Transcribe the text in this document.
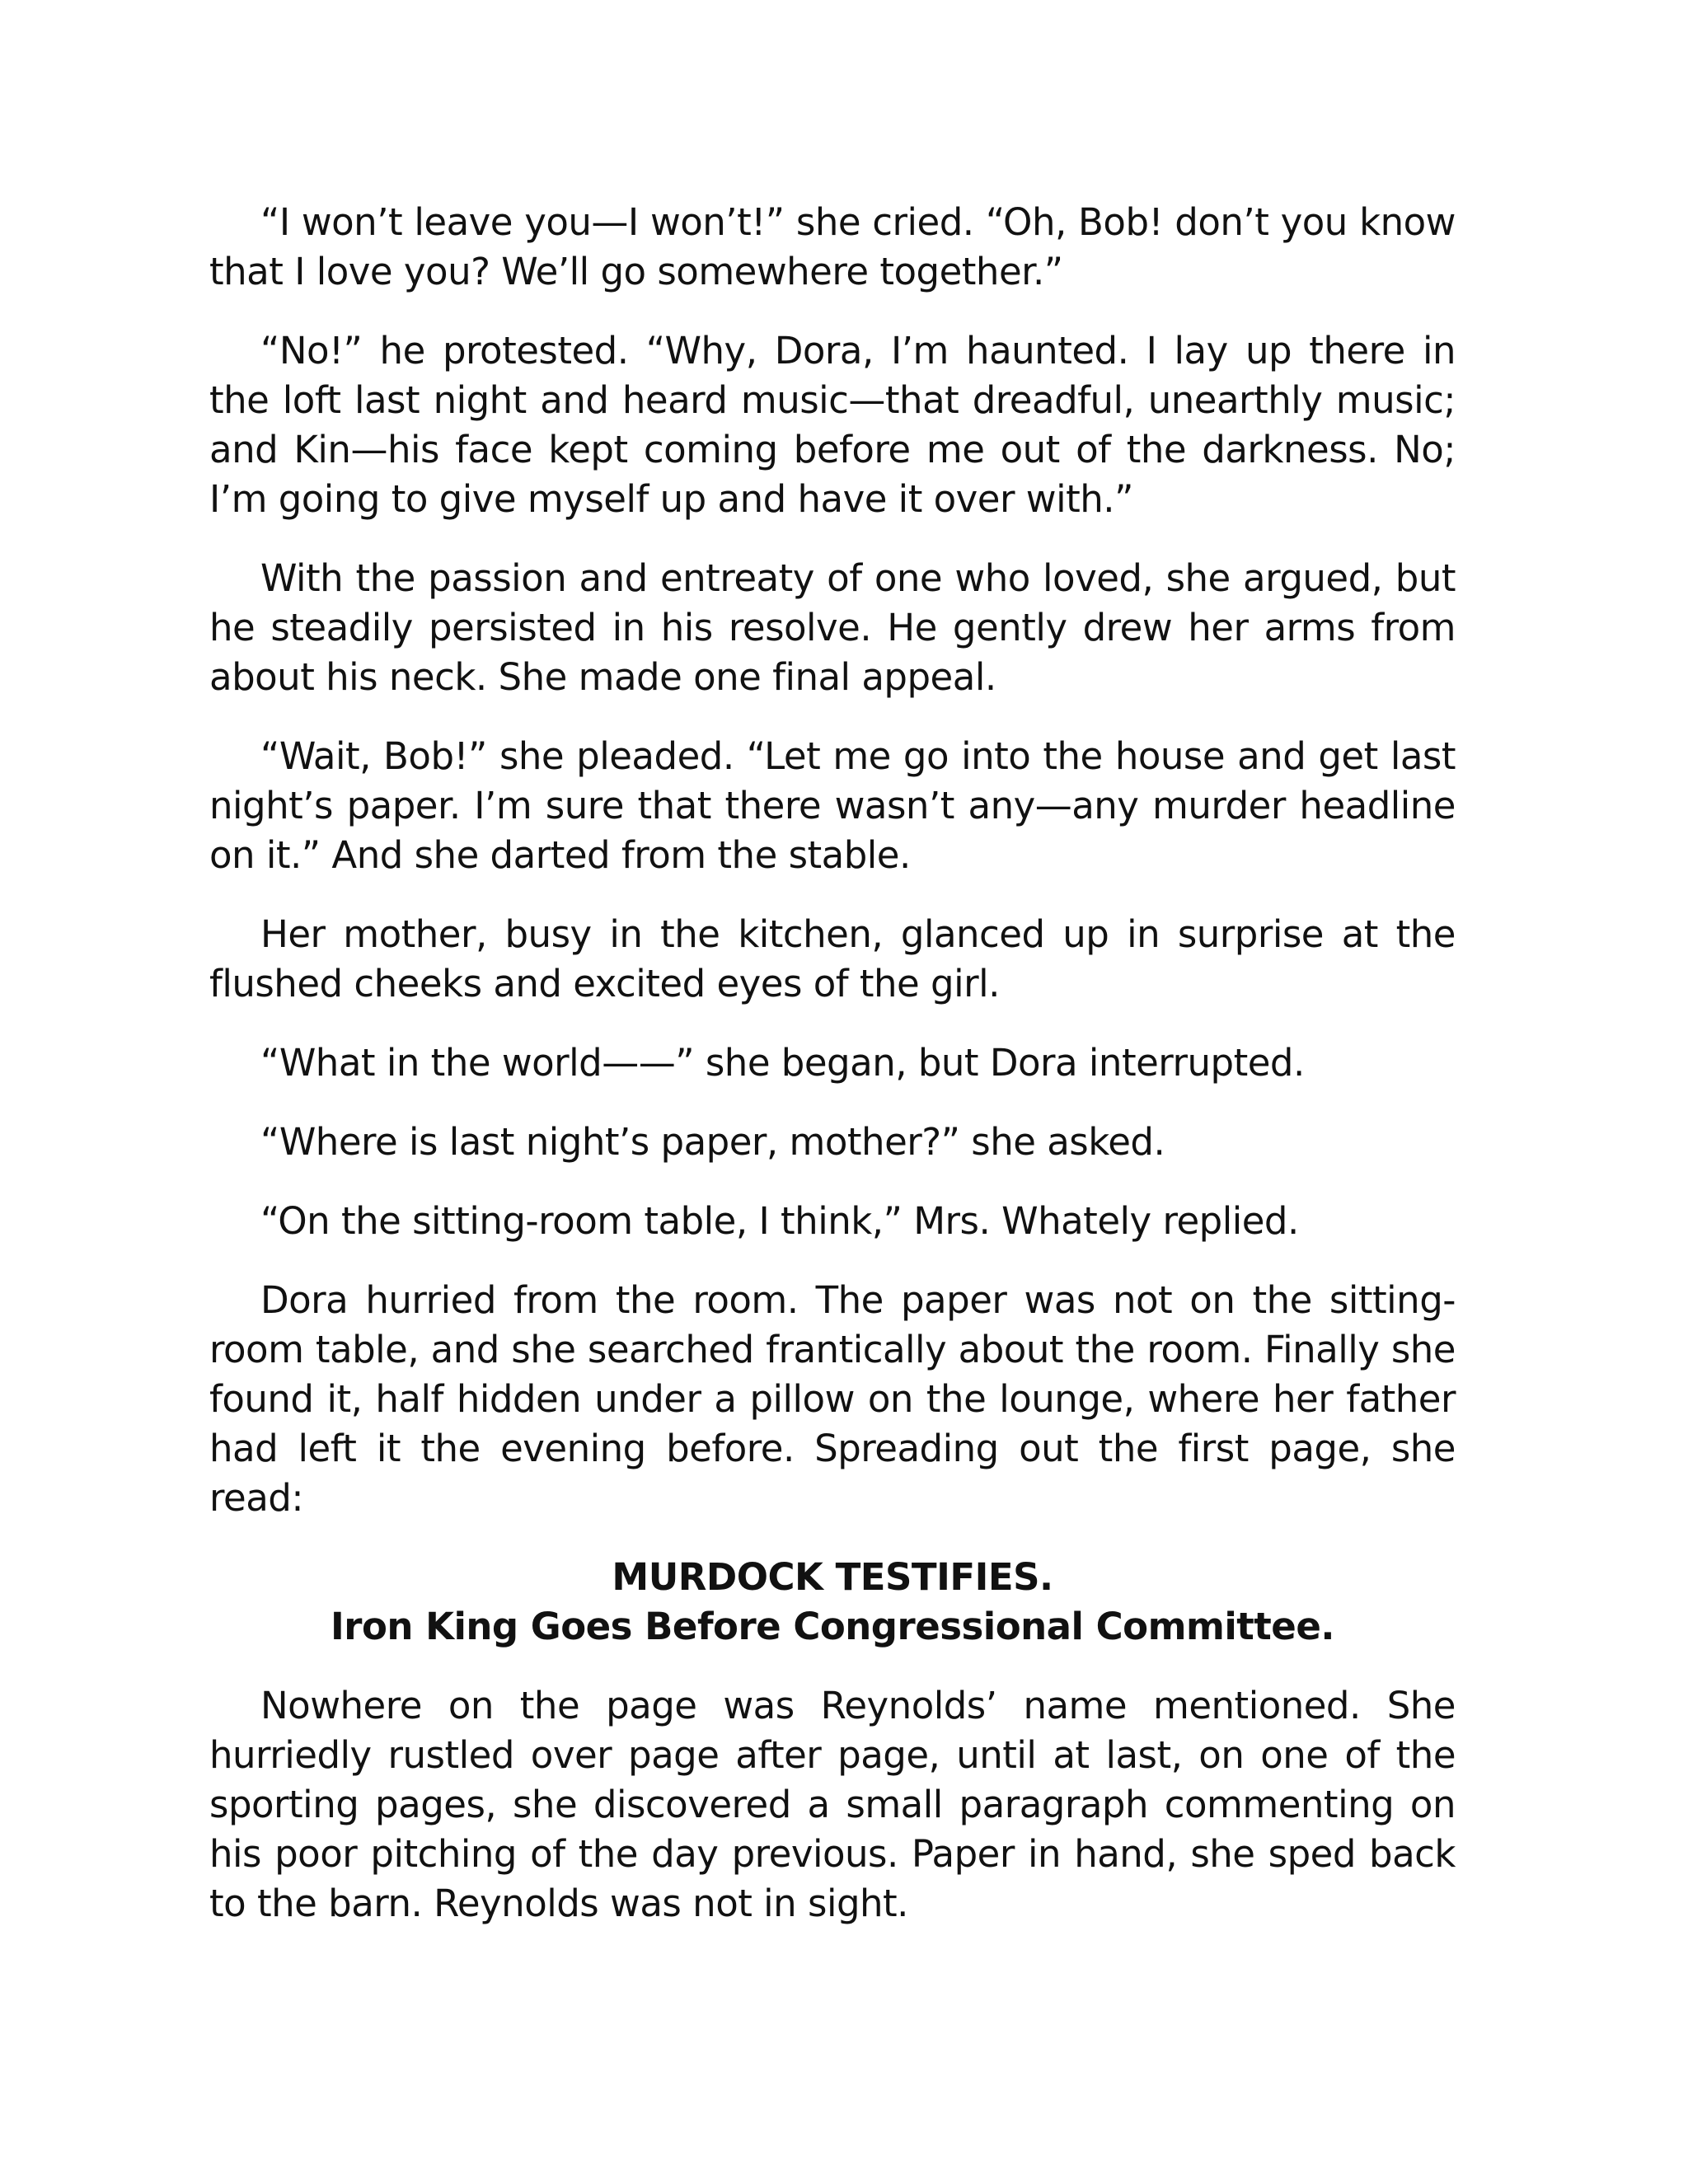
“I won’t leave you—I won’t!” she cried. “Oh, Bob! don’t you know that I love you? We’ll go somewhere together.”

“No!” he protested. “Why, Dora, I’m haunted. I lay up there in the loft last night and heard music—that dreadful, unearthly music; and Kin—his face kept coming before me out of the darkness. No; I’m going to give myself up and have it over with.”

With the passion and entreaty of one who loved, she argued, but he steadily persisted in his resolve. He gently drew her arms from about his neck. She made one final appeal.

“Wait, Bob!” she pleaded. “Let me go into the house and get last night’s paper. I’m sure that there wasn’t any—any murder headline on it.” And she darted from the stable.

Her mother, busy in the kitchen, glanced up in surprise at the flushed cheeks and excited eyes of the girl.

“What in the world——” she began, but Dora interrupted.

“Where is last night’s paper, mother?” she asked.

“On the sitting-room table, I think,” Mrs. Whately replied.

Dora hurried from the room. The paper was not on the sitting-room table, and she searched frantically about the room. Finally she found it, half hidden under a pillow on the lounge, where her father had left it the evening before. Spreading out the first page, she read:

MURDOCK TESTIFIES.
Iron King Goes Before Congressional Committee.

Nowhere on the page was Reynolds’ name mentioned. She hurriedly rustled over page after page, until at last, on one of the sporting pages, she discovered a small paragraph commenting on his poor pitching of the day previous. Paper in hand, she sped back to the barn. Reynolds was not in sight.
